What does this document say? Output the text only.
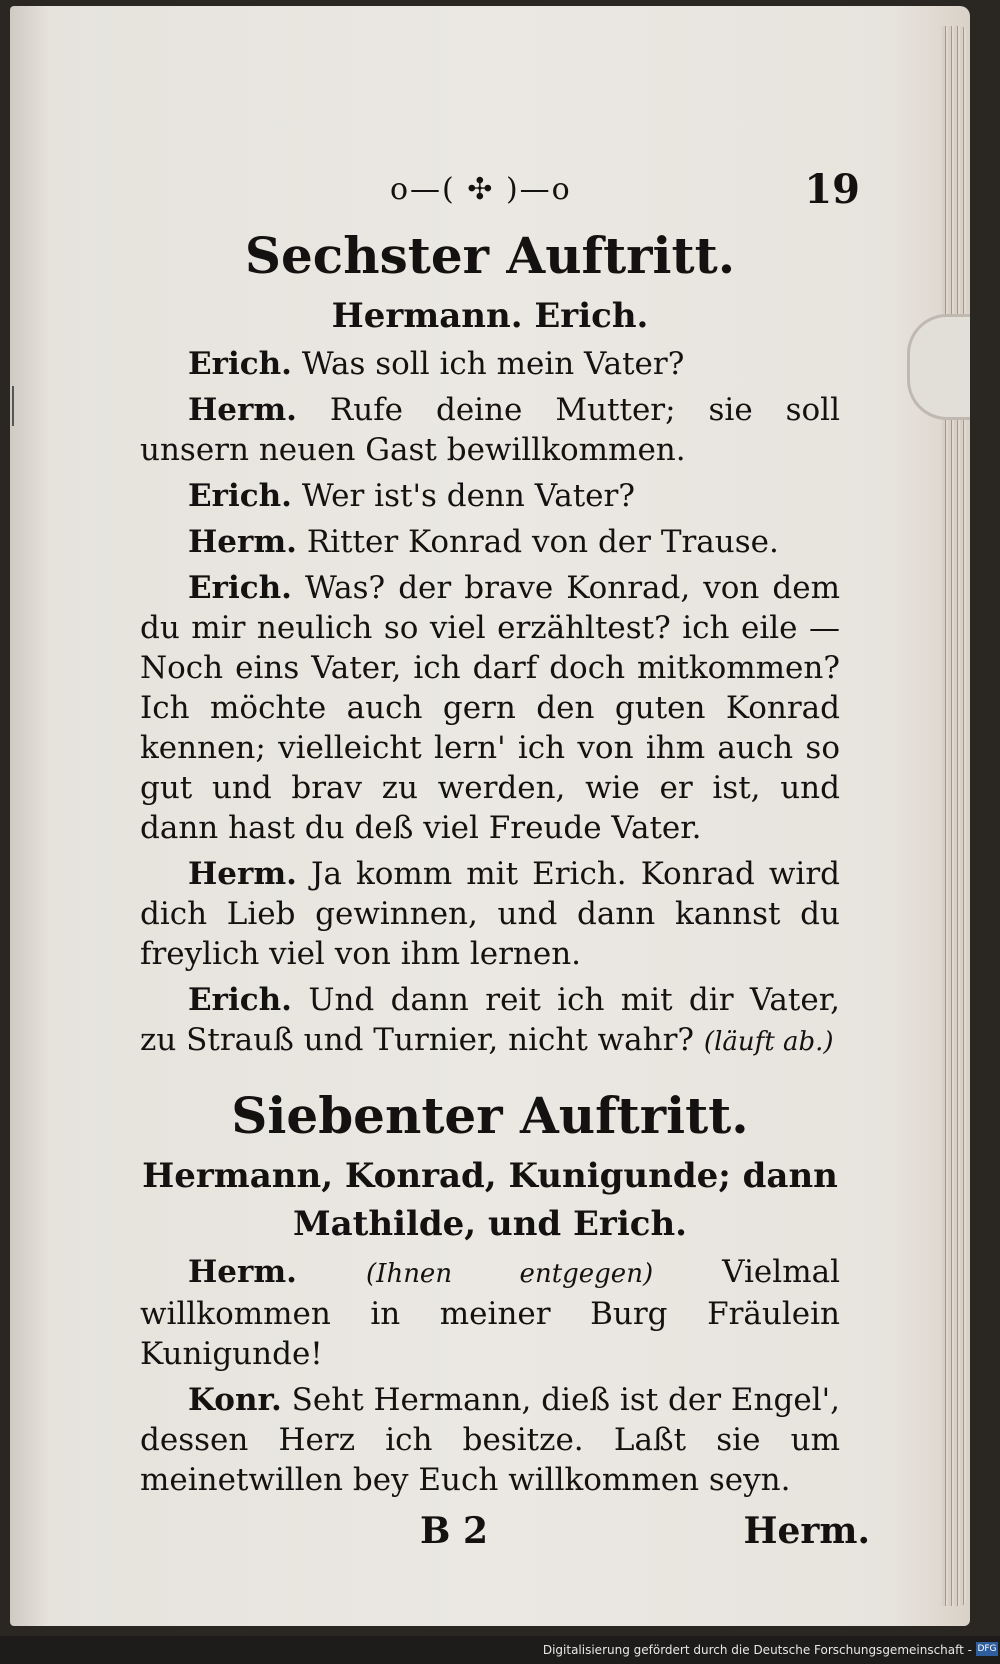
o—( ✣ )—o	19
Sechster Auftritt.
Hermann. Erich.

Erich. Was soll ich mein Vater?

Herm. Rufe deine Mutter; sie soll unsern neuen Gast bewillkommen.

Erich. Wer ist's denn Vater?

Herm. Ritter Konrad von der Trause.

Erich. Was? der brave Konrad, von dem du mir neulich so viel erzähltest? ich eile — Noch eins Vater, ich darf doch mitkommen? Ich möchte auch gern den guten Konrad kennen; vielleicht lern' ich von ihm auch so gut und brav zu werden, wie er ist, und dann hast du deß viel Freude Vater.

Herm. Ja komm mit Erich. Konrad wird dich Lieb gewinnen, und dann kannst du freylich viel von ihm lernen.

Erich. Und dann reit ich mit dir Vater, zu Strauß und Turnier, nicht wahr? (läuft ab.)

Siebenter Auftritt.
Hermann, Konrad, Kunigunde; dann Mathilde, und Erich.

Herm.	(Ihnen entgegen) Vielmal willkommen in meiner Burg Fräulein Kunigunde!

Konr. Seht Hermann, dieß ist der Engel', dessen Herz ich besitze. Laßt sie um meinetwillen bey Euch willkommen seyn.

B 2	Herm.
Digitalisierung gefördert durch die Deutsche Forschungsgemeinschaft - DFG
